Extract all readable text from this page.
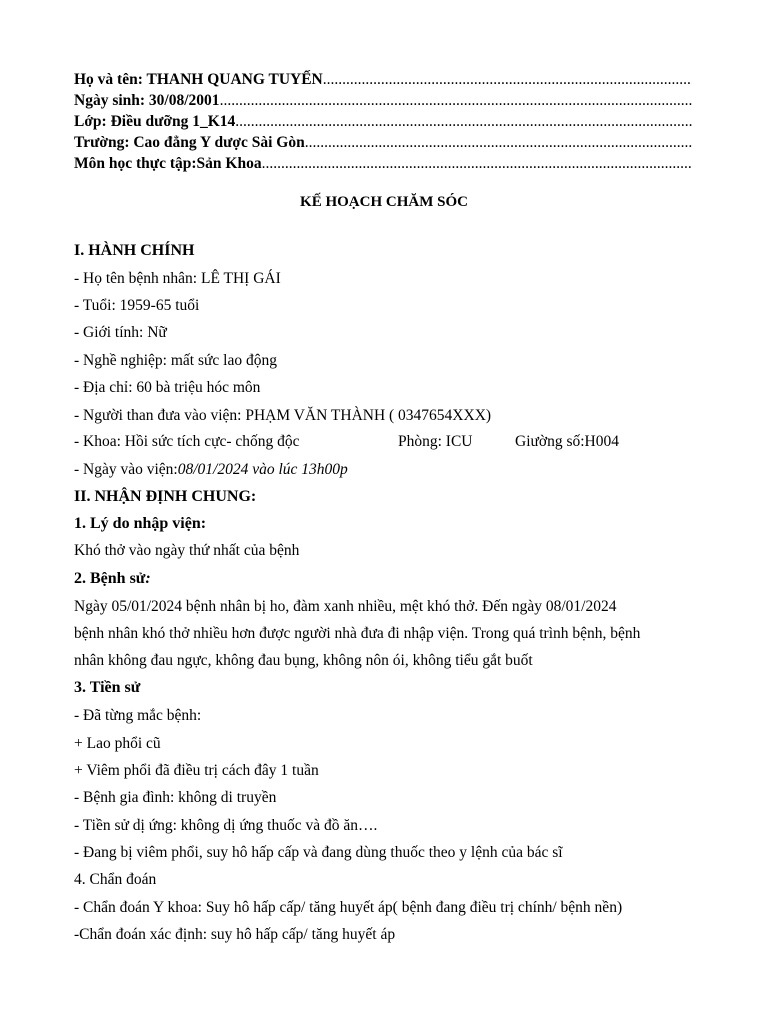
Họ và tên: THANH QUANG TUYẾN
.....
Ngày sinh: 30/08/2001
.....
Lớp: Điều dưỡng 1_K14
.....
Trường: Cao đẳng Y dược Sài Gòn
.....
Môn học thực tập:Sản Khoa
.....
KẾ HOẠCH CHĂM SÓC
I. HÀNH CHÍNH
- Họ tên bệnh nhân: LÊ THỊ GÁI
- Tuổi: 1959-65 tuổi
- Giới tính: Nữ
- Nghề nghiệp: mất sức lao động
- Địa chỉ: 60 bà triệu hóc môn
- Người than đưa vào viện: PHẠM VĂN THÀNH ( 0347654XXX)
- Khoa: Hồi sức tích cực- chống độc	Phòng: ICU	Giường số:H004
- Ngày vào viện:08/01/2024 vào lúc 13h00p
II. NHẬN ĐỊNH CHUNG:
1. Lý do nhập viện:
Khó thở vào ngày thứ nhất của bệnh
2. Bệnh sử:
Ngày 05/01/2024 bệnh nhân bị ho, đàm xanh nhiều, mệt khó thở. Đến ngày 08/01/2024
bệnh nhân khó thở nhiều hơn được người nhà đưa đi nhập viện. Trong quá trình bệnh, bệnh
nhân không đau ngực, không đau bụng, không nôn ói, không tiểu gắt buốt
3. Tiền sử
- Đã từng mắc bệnh:
+ Lao phổi cũ
+ Viêm phổi đã điều trị cách đây 1 tuần
- Bệnh gia đình: không di truyền
- Tiền sử dị ứng: không dị ứng thuốc và đồ ăn….
- Đang bị viêm phổi, suy hô hấp cấp và đang dùng thuốc theo y lệnh của bác sĩ
4. Chẩn đoán
- Chẩn đoán Y khoa: Suy hô hấp cấp/ tăng huyết áp( bệnh đang điều trị chính/ bệnh nền)
-Chẩn đoán xác định: suy hô hấp cấp/ tăng huyết áp
